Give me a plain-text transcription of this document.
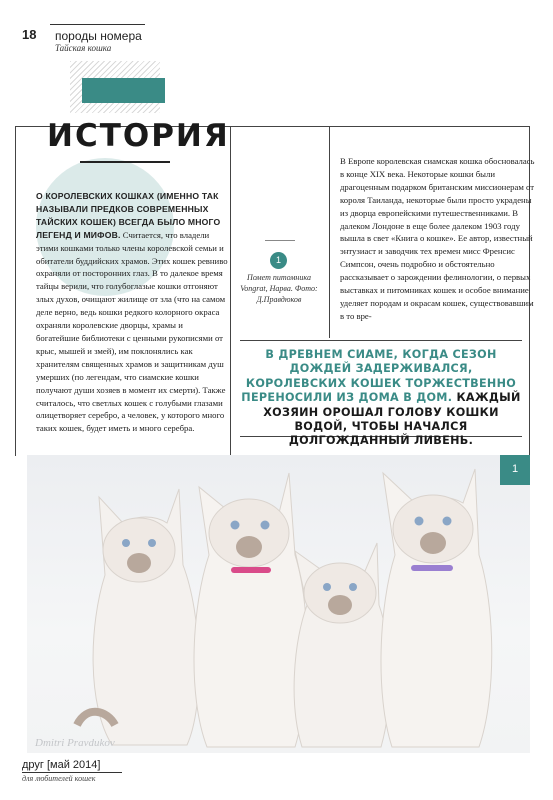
18 породы номера
Тайская кошка
ИСТОРИЯ
О КОРОЛЕВСКИХ КОШКАХ (ИМЕННО ТАК НАЗЫВАЛИ ПРЕДКОВ СОВРЕМЕННЫХ ТАЙСКИХ КОШЕК) ВСЕГДА БЫЛО МНОГО ЛЕГЕНД И МИФОВ. Считается, что владели этими кошками только члены королевской семьи и обитатели буддийских храмов. Этих кошек ревниво охраняли от посторонних глаз. В то далекое время тайцы верили, что голубоглазые кошки отгоняют злых духов, очищают жилище от зла (что на самом деле верно, ведь кошки редкого колорного окраса охраняли королевские дворцы, храмы и богатейшие библиотеки с ценными рукописями от крыс, мышей и змей), им поклонялись как хранителям священных храмов и защитникам душ умерших (по легендам, что сиамские кошки получают души хозяев в момент их смерти). Также считалось, что светлых кошек с голубыми глазами олицетворяет серебро, а человек, у которого много таких кошек, будет иметь и много серебра.
1
Помет питомника Vongrat, Нарва. Фото: Д.Правдюков
В Европе королевская сиамская кошка обосновалась в конце XIX века. Некоторые кошки были драгоценным подарком британским миссионерам от короля Таиланда, некоторые были просто украдены из дворца европейскими путешественниками. В далеком Лондоне в еще более далеком 1903 году вышла в свет «Книга о кошке». Ее автор, известный энтузиаст и заводчик тех времен мисс Френсис Симпсон, очень подробно и обстоятельно рассказывает о зарождении фелинологии, о первых выставках и питомниках кошек и особое внимание уделяет породам и окрасам кошек, существовавшим в то вре-
В ДРЕВНЕМ СИАМЕ, КОГДА СЕЗОН ДОЖДЕЙ ЗАДЕРЖИВАЛСЯ, КОРОЛЕВСКИХ КОШЕК ТОРЖЕСТВЕННО ПЕРЕНОСИЛИ ИЗ ДОМА В ДОМ. КАЖДЫЙ ХОЗЯИН ОРОШАЛ ГОЛОВУ КОШКИ ВОДОЙ, ЧТОБЫ НАЧАЛСЯ ДОЛГОЖДАННЫЙ ЛИВЕНЬ.
1
Dmitri Pravdukov
друг [май 2014]
для любителей кошек
